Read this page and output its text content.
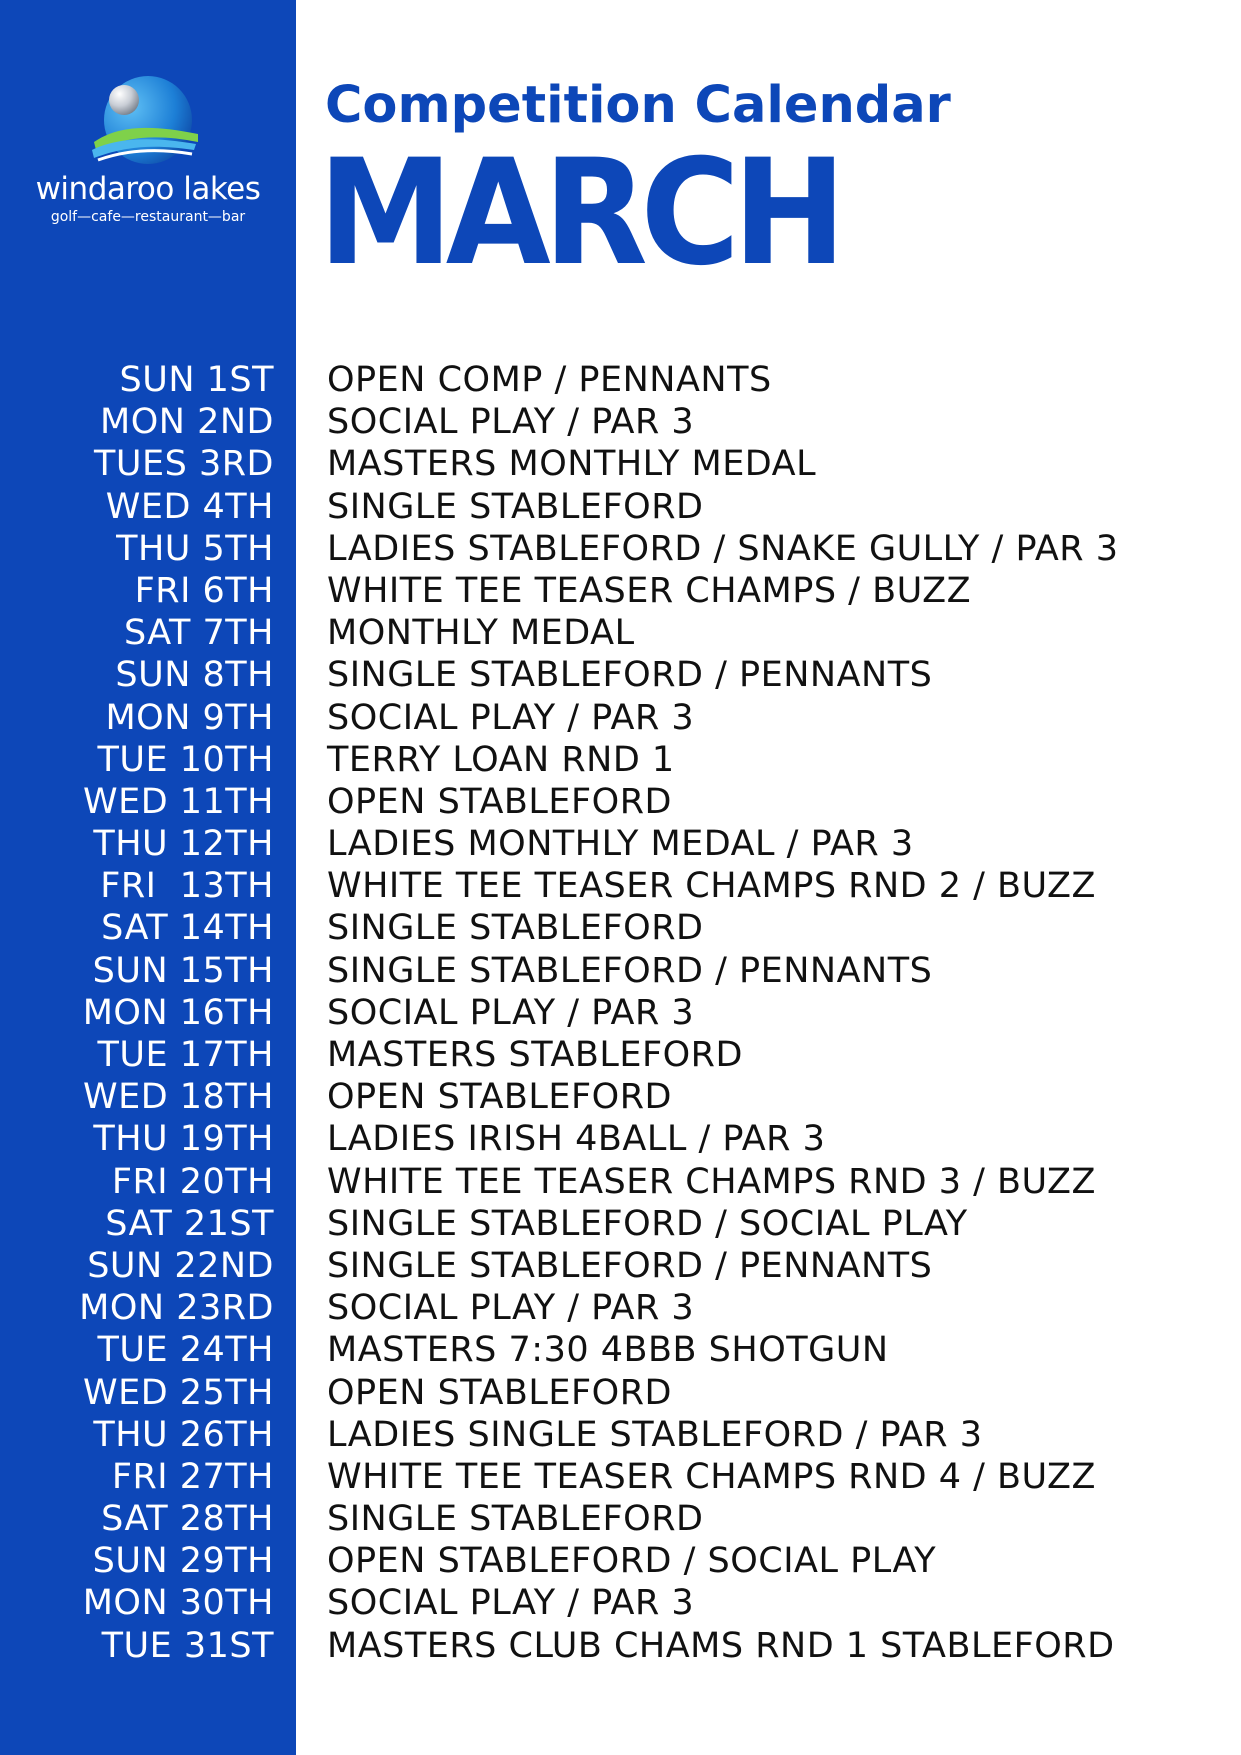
windaroo lakes
golf—cafe—restaurant—bar
SUN 1ST
MON 2ND
TUES 3RD
WED 4TH
THU 5TH
FRI 6TH
SAT 7TH
SUN 8TH
MON 9TH
TUE 10TH
WED 11TH
THU 12TH
FRI  13TH
SAT 14TH
SUN 15TH
MON 16TH
TUE 17TH
WED 18TH
THU 19TH
FRI 20TH
SAT 21ST
SUN 22ND
MON 23RD
TUE 24TH
WED 25TH
THU 26TH
FRI 27TH
SAT 28TH
SUN 29TH
MON 30TH
TUE 31ST
Competition Calendar
MARCH
OPEN COMP / PENNANTS
SOCIAL PLAY / PAR 3
MASTERS MONTHLY MEDAL
SINGLE STABLEFORD
LADIES STABLEFORD / SNAKE GULLY / PAR 3
WHITE TEE TEASER CHAMPS / BUZZ
MONTHLY MEDAL
SINGLE STABLEFORD / PENNANTS
SOCIAL PLAY / PAR 3
TERRY LOAN RND 1
OPEN STABLEFORD
LADIES MONTHLY MEDAL / PAR 3
WHITE TEE TEASER CHAMPS RND 2 / BUZZ
SINGLE STABLEFORD
SINGLE STABLEFORD / PENNANTS
SOCIAL PLAY / PAR 3
MASTERS STABLEFORD
OPEN STABLEFORD
LADIES IRISH 4BALL / PAR 3
WHITE TEE TEASER CHAMPS RND 3 / BUZZ
SINGLE STABLEFORD / SOCIAL PLAY
SINGLE STABLEFORD / PENNANTS
SOCIAL PLAY / PAR 3
MASTERS 7:30 4BBB SHOTGUN
OPEN STABLEFORD
LADIES SINGLE STABLEFORD / PAR 3
WHITE TEE TEASER CHAMPS RND 4 / BUZZ
SINGLE STABLEFORD
OPEN STABLEFORD / SOCIAL PLAY
SOCIAL PLAY / PAR 3
MASTERS CLUB CHAMS RND 1 STABLEFORD
